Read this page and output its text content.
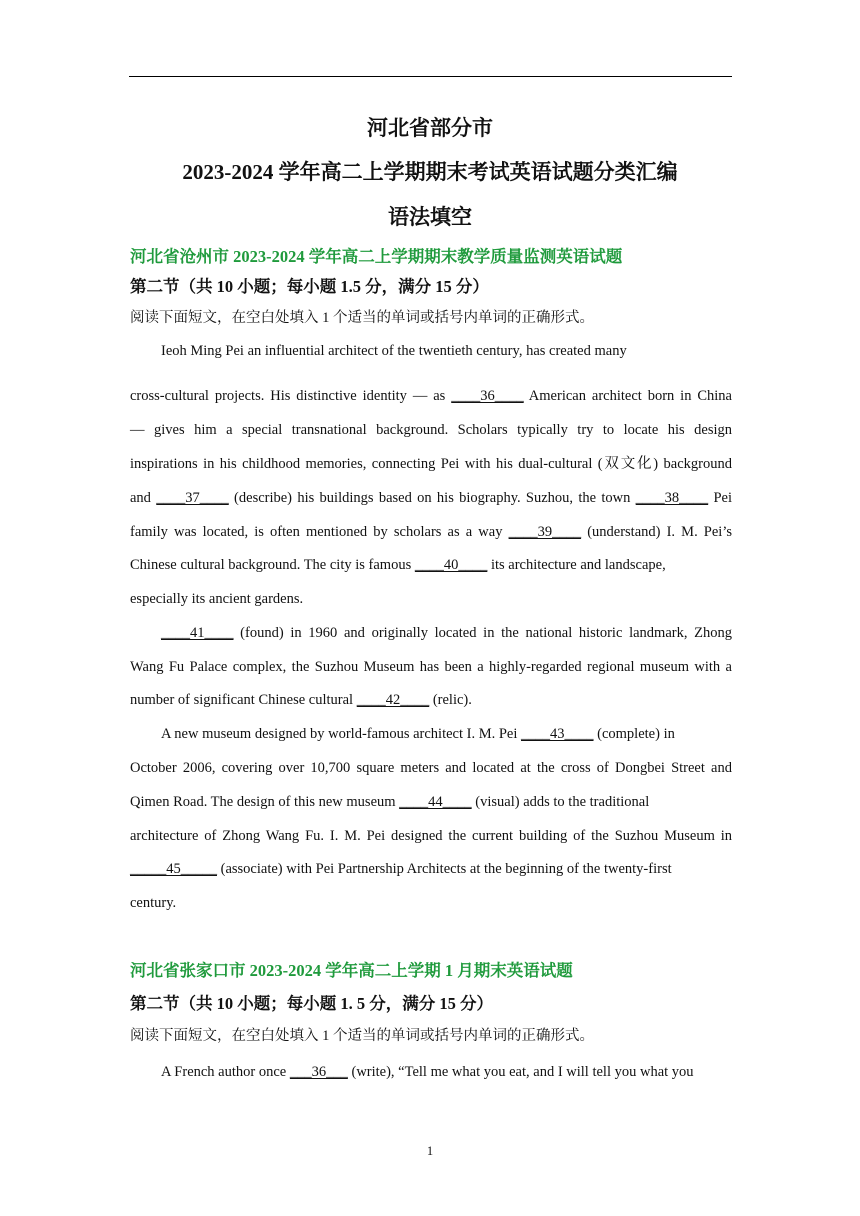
河北省部分市
2023-2024 学年高二上学期期末考试英语试题分类汇编
语法填空
河北省沧州市 2023-2024 学年高二上学期期末教学质量监测英语试题
第二节（共 10 小题；每小题 1.5 分，满分 15 分）
阅读下面短文，在空白处填入 1 个适当的单词或括号内单词的正确形式。
Ieoh Ming Pei an influential architect of the twentieth century, has created many
cross-cultural projects. His distinctive identity — as ____36____ American architect born in China
— gives him a special transnational background. Scholars typically try to locate his design
inspirations in his childhood memories, connecting Pei with his dual-cultural (双文化) background
and ____37____ (describe) his buildings based on his biography. Suzhou, the town ____38____ Pei
family was located, is often mentioned by scholars as a way ____39____ (understand) I. M. Pei’s
Chinese cultural background. The city is famous ____40____ its architecture and landscape,
especially its ancient gardens.
____41____ (found) in 1960 and originally located in the national historic landmark, Zhong
Wang Fu Palace complex, the Suzhou Museum has been a highly-regarded regional museum with a
number of significant Chinese cultural ____42____ (relic).
A new museum designed by world-famous architect I. M. Pei ____43____ (complete) in
October 2006, covering over 10,700 square meters and located at the cross of Dongbei Street and
Qimen Road. The design of this new museum ____44____ (visual) adds to the traditional
architecture of Zhong Wang Fu. I. M. Pei designed the current building of the Suzhou Museum in
_____45_____ (associate) with Pei Partnership Architects at the beginning of the twenty-first
century.
河北省张家口市 2023-2024 学年高二上学期 1 月期末英语试题
第二节（共 10 小题；每小题 1. 5 分，满分 15 分）
阅读下面短文，在空白处填入 1 个适当的单词或括号内单词的正确形式。
A French author once ___36___ (write), “Tell me what you eat, and I will tell you what you
1
